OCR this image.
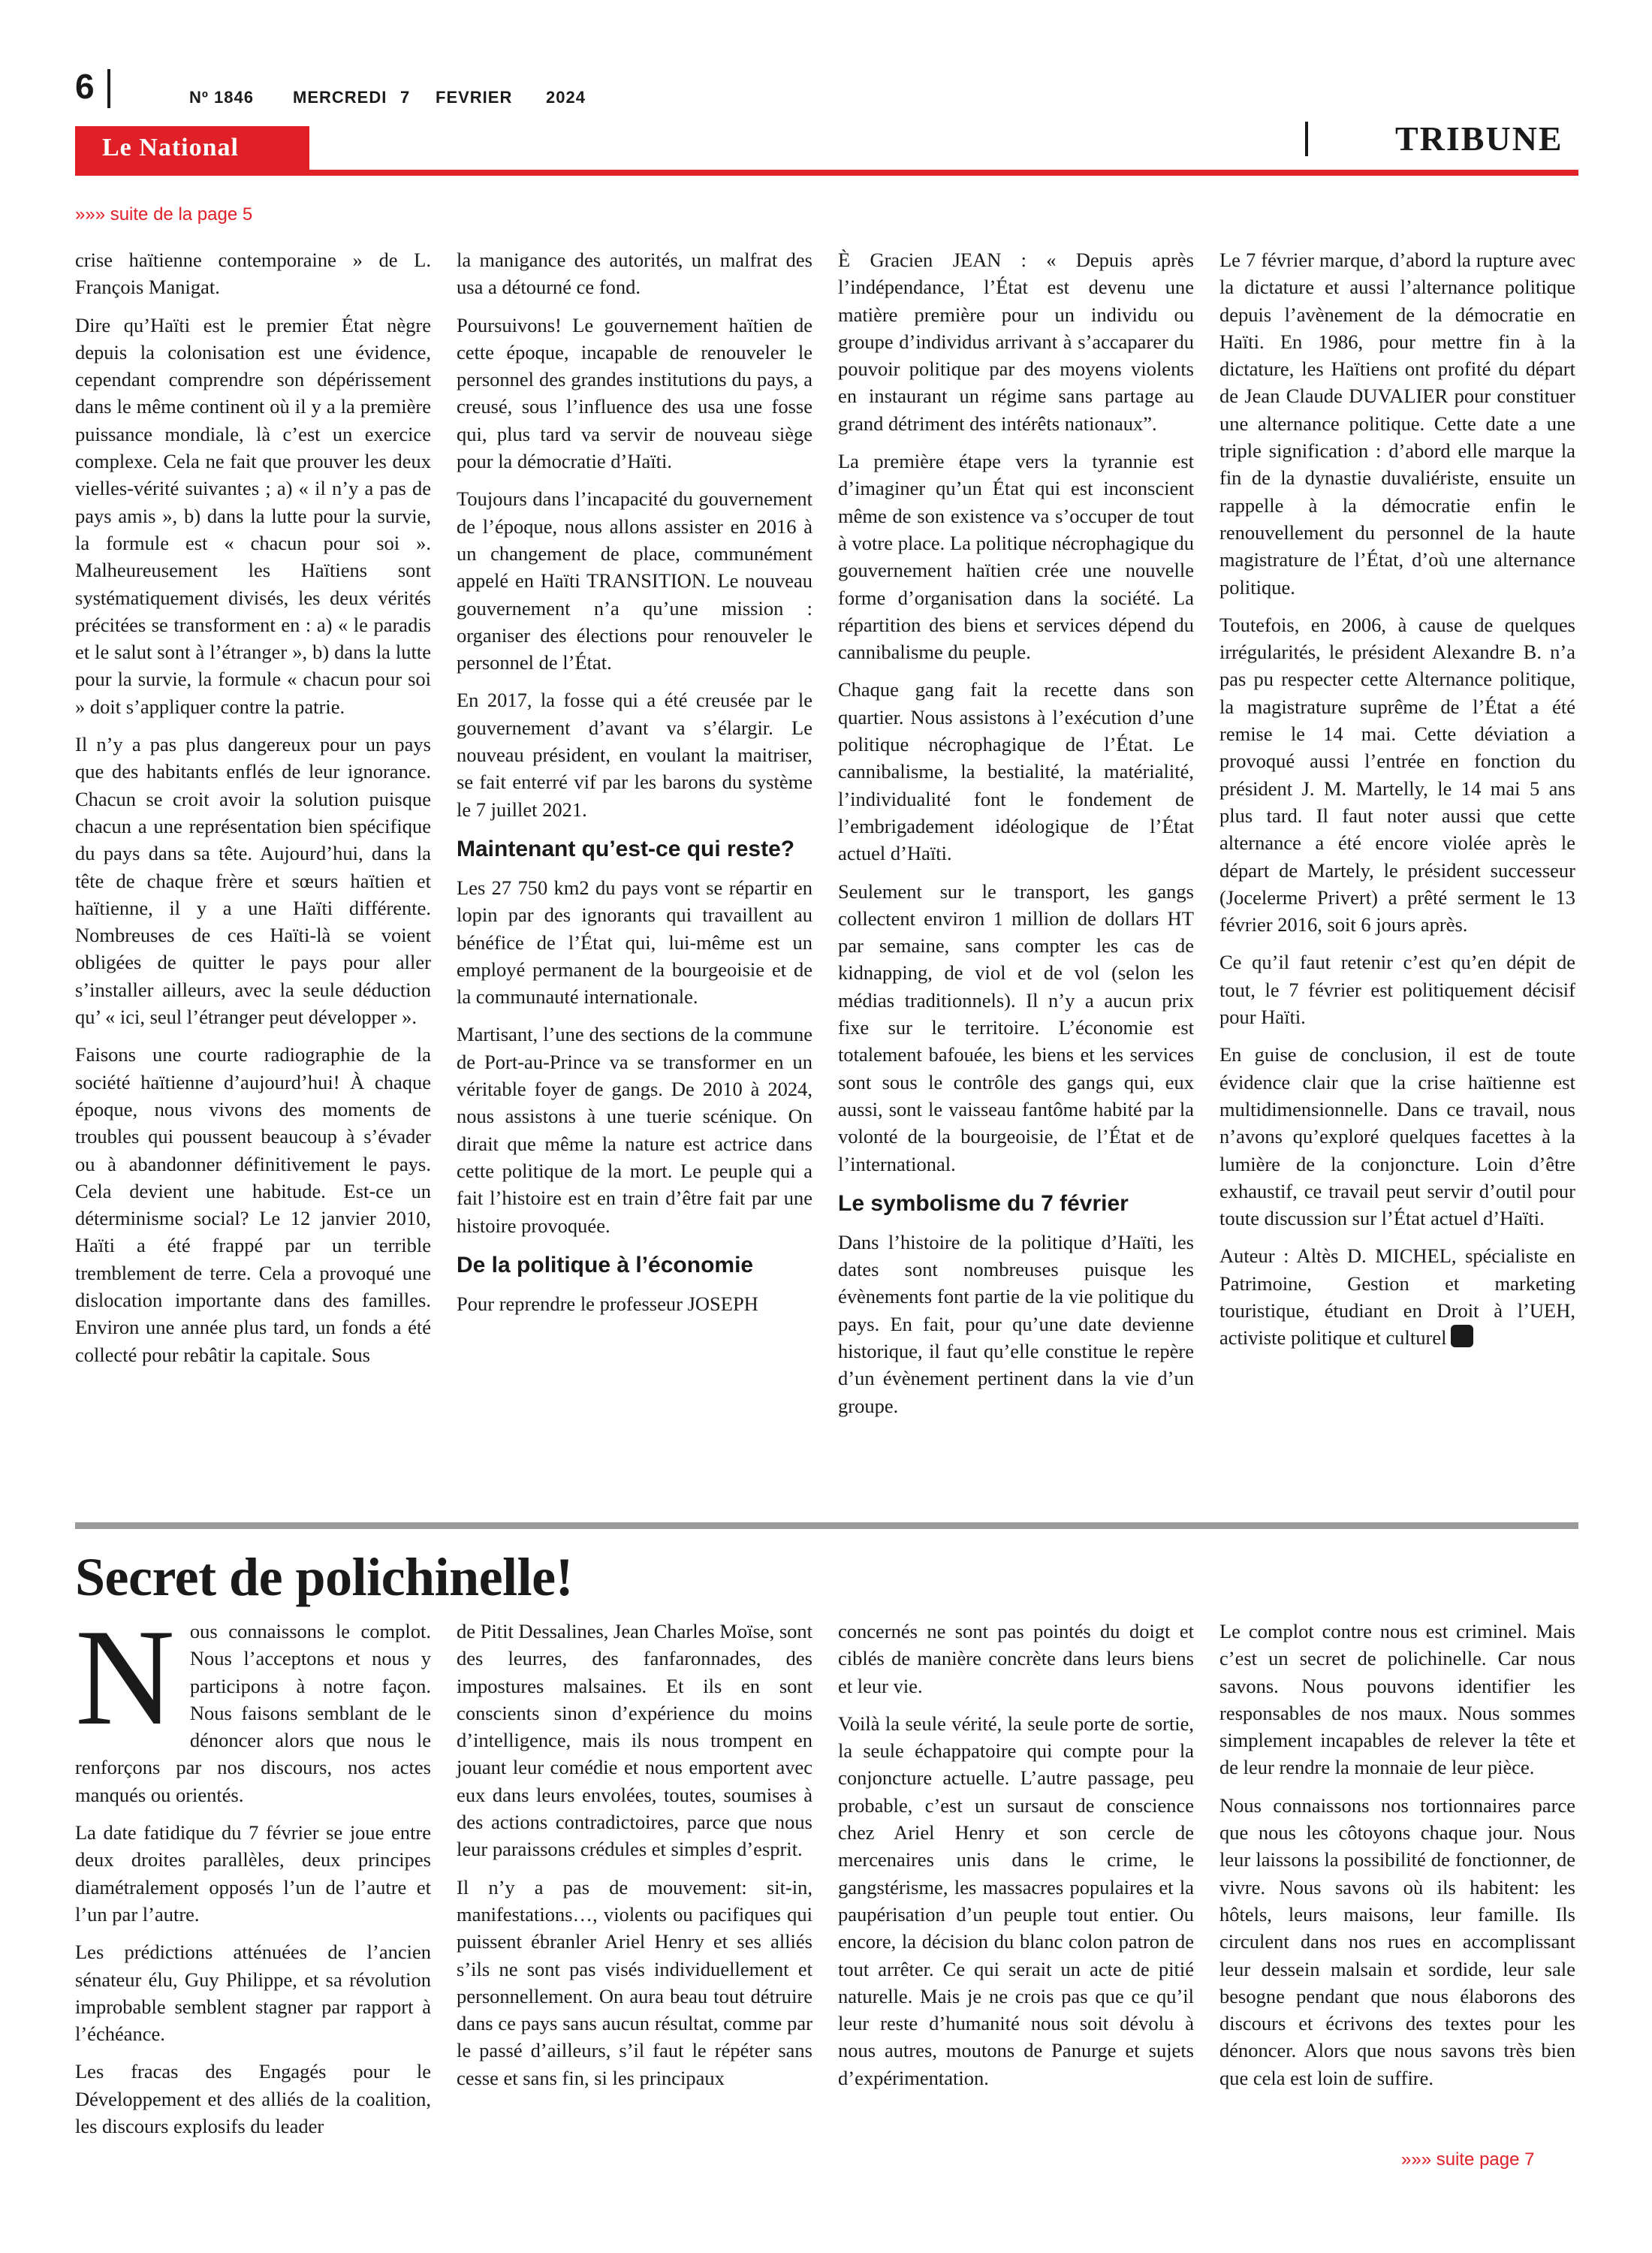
6	Nº 1846 MERCREDI 7 FEVRIER 2024
Le National	TRIBUNE
»»» suite de la page 5

crise haïtienne contemporaine » de L. François Manigat.

Dire qu’Haïti est le premier État nègre depuis la colonisation est une évidence, cependant comprendre son dépérissement dans le même continent où il y a la première puissance mondiale, là c’est un exercice complexe. Cela ne fait que prouver les deux vielles-vérité suivantes ; a) « il n’y a pas de pays amis », b) dans la lutte pour la survie, la formule est « chacun pour soi ». Malheureusement les Haïtiens sont systématiquement divisés, les deux vérités précitées se transforment en : a) « le paradis et le salut sont à l’étranger », b) dans la lutte pour la survie, la formule « chacun pour soi » doit s’appliquer contre la patrie.

Il n’y a pas plus dangereux pour un pays que des habitants enflés de leur ignorance. Chacun se croit avoir la solution puisque chacun a une représentation bien spécifique du pays dans sa tête. Aujourd’hui, dans la tête de chaque frère et sœurs haïtien et haïtienne, il y a une Haïti différente. Nombreuses de ces Haïti-là se voient obligées de quitter le pays pour aller s’installer ailleurs, avec la seule déduction qu’ « ici, seul l’étranger peut développer ».

Faisons une courte radiographie de la société haïtienne d’aujourd’hui! À chaque époque, nous vivons des moments de troubles qui poussent beaucoup à s’évader ou à abandonner définitivement le pays. Cela devient une habitude. Est-ce un déterminisme social? Le 12 janvier 2010, Haïti a été frappé par un terrible tremblement de terre. Cela a provoqué une dislocation importante dans des familles. Environ une année plus tard, un fonds a été collecté pour rebâtir la capitale. Sous

la manigance des autorités, un malfrat des usa a détourné ce fond.

Poursuivons! Le gouvernement haïtien de cette époque, incapable de renouveler le personnel des grandes institutions du pays, a creusé, sous l’influence des usa une fosse qui, plus tard va servir de nouveau siège pour la démocratie d’Haïti.

Toujours dans l’incapacité du gouvernement de l’époque, nous allons assister en 2016 à un changement de place, communément appelé en Haïti TRANSITION. Le nouveau gouvernement n’a qu’une mission : organiser des élections pour renouveler le personnel de l’État.

En 2017, la fosse qui a été creusée par le gouvernement d’avant va s’élargir. Le nouveau président, en voulant la maitriser, se fait enterré vif par les barons du système le 7 juillet 2021.

Maintenant qu’est-ce qui reste?

Les 27 750 km2 du pays vont se répartir en lopin par des ignorants qui travaillent au bénéfice de l’État qui, lui-même est un employé permanent de la bourgeoisie et de la communauté internationale.

Martisant, l’une des sections de la commune de Port-au-Prince va se transformer en un véritable foyer de gangs. De 2010 à 2024, nous assistons à une tuerie scénique. On dirait que même la nature est actrice dans cette politique de la mort. Le peuple qui a fait l’histoire est en train d’être fait par une histoire provoquée.

De la politique à l’économie

Pour reprendre le professeur JOSEPH

È Gracien JEAN : « Depuis après l’indépendance, l’État est devenu une matière première pour un individu ou groupe d’individus arrivant à s’accaparer du pouvoir politique par des moyens violents en instaurant un régime sans partage au grand détriment des intérêts nationaux”.

La première étape vers la tyrannie est d’imaginer qu’un État qui est inconscient même de son existence va s’occuper de tout à votre place. La politique nécrophagique du gouvernement haïtien crée une nouvelle forme d’organisation dans la société. La répartition des biens et services dépend du cannibalisme du peuple.

Chaque gang fait la recette dans son quartier. Nous assistons à l’exécution d’une politique nécrophagique de l’État. Le cannibalisme, la bestialité, la matérialité, l’individualité font le fondement de l’embrigadement idéologique de l’État actuel d’Haïti.

Seulement sur le transport, les gangs collectent environ 1 million de dollars HT par semaine, sans compter les cas de kidnapping, de viol et de vol (selon les médias traditionnels). Il n’y a aucun prix fixe sur le territoire. L’économie est totalement bafouée, les biens et les services sont sous le contrôle des gangs qui, eux aussi, sont le vaisseau fantôme habité par la volonté de la bourgeoisie, de l’État et de l’international.

Le symbolisme du 7 février

Dans l’histoire de la politique d’Haïti, les dates sont nombreuses puisque les évènements font partie de la vie politique du pays. En fait, pour qu’une date devienne historique, il faut qu’elle constitue le repère d’un évènement pertinent dans la vie d’un groupe.

Le 7 février marque, d’abord la rupture avec la dictature et aussi l’alternance politique depuis l’avènement de la démocratie en Haïti. En 1986, pour mettre fin à la dictature, les Haïtiens ont profité du départ de Jean Claude DUVALIER pour constituer une alternance politique. Cette date a une triple signification : d’abord elle marque la fin de la dynastie duvaliériste, ensuite un rappelle à la démocratie enfin le renouvellement du personnel de la haute magistrature de l’État, d’où une alternance politique.

Toutefois, en 2006, à cause de quelques irrégularités, le président Alexandre B. n’a pas pu respecter cette Alternance politique, la magistrature suprême de l’État a été remise le 14 mai. Cette déviation a provoqué aussi l’entrée en fonction du président J. M. Martelly, le 14 mai 5 ans plus tard. Il faut noter aussi que cette alternance a été encore violée après le départ de Martely, le président successeur (Jocelerme Privert) a prêté serment le 13 février 2016, soit 6 jours après.

Ce qu’il faut retenir c’est qu’en dépit de tout, le 7 février est politiquement décisif pour Haïti.

En guise de conclusion, il est de toute évidence clair que la crise haïtienne est multidimensionnelle. Dans ce travail, nous n’avons qu’exploré quelques facettes à la lumière de la conjoncture. Loin d’être exhaustif, ce travail peut servir d’outil pour toute discussion sur l’État actuel d’Haïti.

Auteur : Altès D. MICHEL, spécialiste en Patrimoine, Gestion et marketing touristique, étudiant en Droit à l’UEH, activiste politique et culturel

Secret de polichinelle!

Nous connaissons le complot. Nous l’acceptons et nous y participons à notre façon. Nous faisons semblant de le dénoncer alors que nous le renforçons par nos discours, nos actes manqués ou orientés.

La date fatidique du 7 février se joue entre deux droites parallèles, deux principes diamétralement opposés l’un de l’autre et l’un par l’autre.

Les prédictions atténuées de l’ancien sénateur élu, Guy Philippe, et sa révolution improbable semblent stagner par rapport à l’échéance.

Les fracas des Engagés pour le Développement et des alliés de la coalition, les discours explosifs du leader

de Pitit Dessalines, Jean Charles Moïse, sont des leurres, des fanfaronnades, des impostures malsaines. Et ils en sont conscients sinon d’expérience du moins d’intelligence, mais ils nous trompent en jouant leur comédie et nous emportent avec eux dans leurs envolées, toutes, soumises à des actions contradictoires, parce que nous leur paraissons crédules et simples d’esprit.

Il n’y a pas de mouvement: sit-in, manifestations…, violents ou pacifiques qui puissent ébranler Ariel Henry et ses alliés s’ils ne sont pas visés individuellement et personnellement. On aura beau tout détruire dans ce pays sans aucun résultat, comme par le passé d’ailleurs, s’il faut le répéter sans cesse et sans fin, si les principaux

concernés ne sont pas pointés du doigt et ciblés de manière concrète dans leurs biens et leur vie.

Voilà la seule vérité, la seule porte de sortie, la seule échappatoire qui compte pour la conjoncture actuelle. L’autre passage, peu probable, c’est un sursaut de conscience chez Ariel Henry et son cercle de mercenaires unis dans le crime, le gangstérisme, les massacres populaires et la paupérisation d’un peuple tout entier. Ou encore, la décision du blanc colon patron de tout arrêter. Ce qui serait un acte de pitié naturelle. Mais je ne crois pas que ce qu’il leur reste d’humanité nous soit dévolu à nous autres, moutons de Panurge et sujets d’expérimentation.

Le complot contre nous est criminel. Mais c’est un secret de polichinelle. Car nous savons. Nous pouvons identifier les responsables de nos maux. Nous sommes simplement incapables de relever la tête et de leur rendre la monnaie de leur pièce.

Nous connaissons nos tortionnaires parce que nous les côtoyons chaque jour. Nous leur laissons la possibilité de fonctionner, de vivre. Nous savons où ils habitent: les hôtels, leurs maisons, leur famille. Ils circulent dans nos rues en accomplissant leur dessein malsain et sordide, leur sale besogne pendant que nous élaborons des discours et écrivons des textes pour les dénoncer. Alors que nous savons très bien que cela est loin de suffire.

»»» suite page 7
